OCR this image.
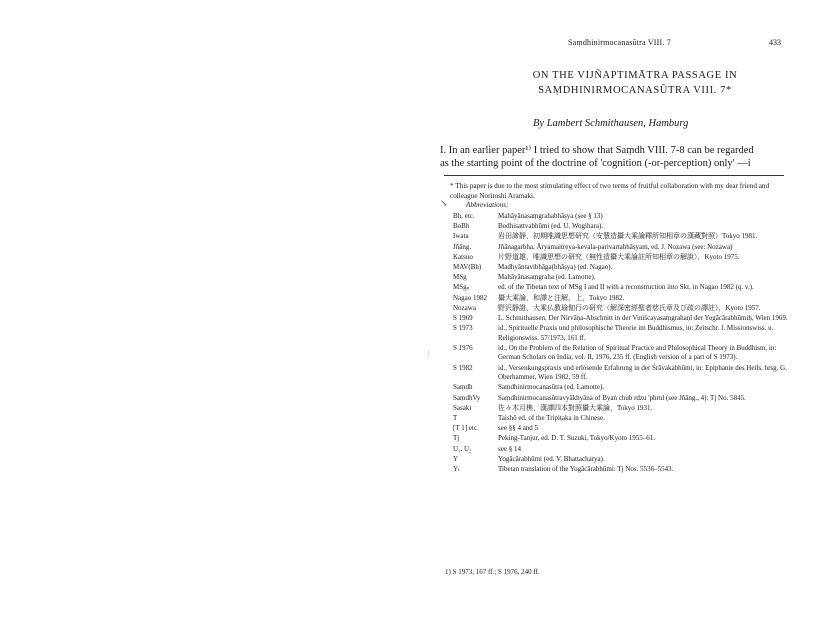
Saṃdhinirmocanasūtra VIII. 7	433
ON THE VIJÑAPTIMĀTRA PASSAGE IN
SAṂDHINIRMOCANASŪTRA VIII. 7*
By Lambert Schmithausen, Hamburg
I. In an earlier paper¹⁾ I tried to show that Saṃdh VIII. 7-8 can be regarded
as the starting point of the doctrine of 'cognition (-or-perception) only' —i
* This paper is due to the most stimulating effect of two terms of fruitful collaboration with my dear friend and colleague Noritoshi Aramaki.
↘	Abbreviations;
︙
Bh, etc.	Mahāyānasaṃgrahabhāṣya (see § 13)
BoBh	Bodhisattvabhūmi (ed. U. Wogihara).
Iwata	岩田諦靜，初期唯識思想研究（安慧造攝大乘論釋所知相章の漢藏對照）Tokyo 1981.
Jñāng.	Jñānagarbha, Āryamaitreya-kevala-parivartabhāṣyam, ed. J. Nozawa (see: Nozawa)
Katsuo	片野道雄，唯識思想の研究（無性造攝大乘論註所知相章の解說），Kyoto 1975.
MAV(Bh)	Madhyāntavibhāga(bhāṣya) (ed. Nagao).
MSg	Mahāyānasaṃgraha (ed. Lamotte).
MSgₙ	ed. of the Tibetan text of MSg I and II with a reconstruction into Skt. in Nagao 1982 (q. v.).
Nagao 1982	攝大乘論，和譯と注解，上，Tokyo 1982.
Nozawa	野沢靜證，大乘仏教瑜伽行の研究（解深密經聖者慈氏章及び疏の譯註），Kyoto 1957.
S 1969	L. Schmithausen, Der Nirvāṇa-Abschnitt in der Viniścayasaṃgrahaṇī der Yogācārabhūmiḥ, Wien 1969.
S 1973	id., Spirituelle Praxis und philosophische Theorie im Buddhismus, in: Zeitschr. f. Missionswiss. u. Religionswiss. 57/1973, 161 ff.
S 1976	id., On the Problem of the Relation of Spiritual Practice and Philosophical Theory in Buddhism, in: German Scholars on India, vol. II, 1976, 235 ff. (English version of a part of S 1973).
S 1982	id., Versenkungspraxis und erlösende Erfahrung in der Śrāvakabhūmi, in: Epiphanie des Heils, hrsg. G. Oberhammer, Wien 1982, 59 ff.
Saṃdh	Saṃdhinirmocanasūtra (ed. Lamotte).
SaṃdhVy	Saṃdhinirmocanasūtravyākhyāna of Byaṅ chub rdzu 'phrul (see Jñāng., 4): Tj No. 5845.
Sasaki	佐々木月樵，漢譯四本對照攝大乘論，Tokyo 1931.
T	Taishō ed. of the Tripiṭaka in Chinese.
[T 1] etc.	see §§ 4 and 5
Tj	Peking-Tanjur, ed. D. T. Suzuki, Tokyo/Kyoto 1955–61.
U₁, U₂	see § 14
Y	Yogācārabhūmi (ed. V. Bhattacharya).
Yₜ	Tibetan translation of the Yogācārabhūmi: Tj Nos. 5536–5543.
1) S 1973, 167 ff.; S 1976, 240 ff.
